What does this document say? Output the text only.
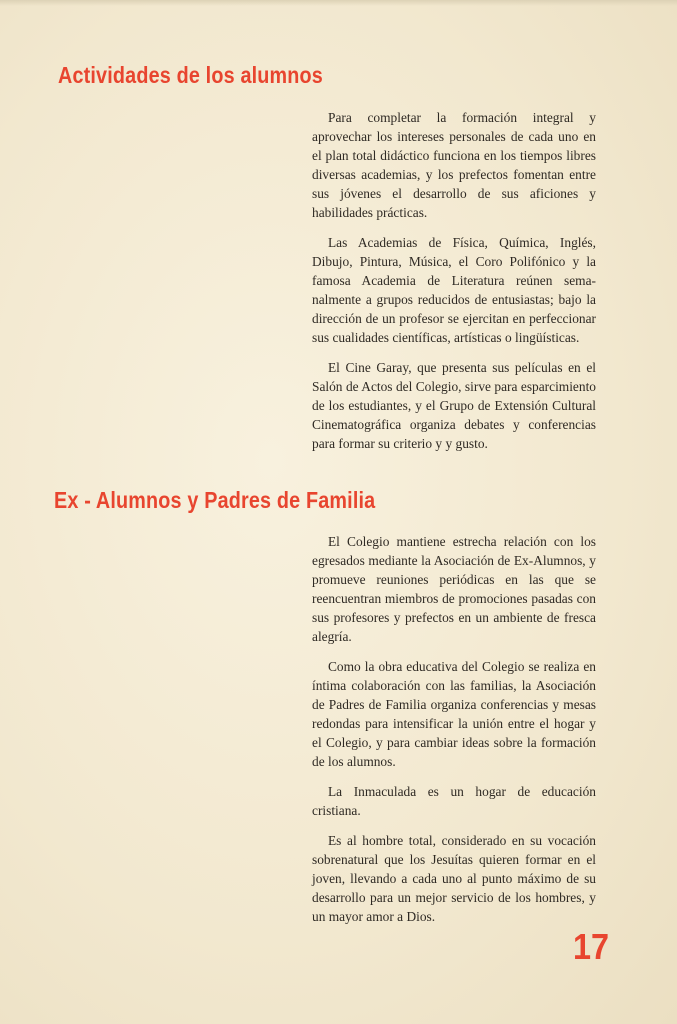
Actividades de los alumnos

Para completar la formación integral y aprovechar los intereses personales de cada uno en el plan total didáctico funciona en los tiempos libres diversas academias, y los prefectos fomentan entre sus jóvenes el desarrollo de sus aficiones y habilidades prácticas.

Las Academias de Física, Química, Inglés, Dibujo, Pintura, Música, el Coro Polifónico y la famosa Academia de Literatura reúnen semanalmente a grupos reducidos de entusiastas; bajo la dirección de un profesor se ejercitan en perfeccionar sus cualidades científicas, artísticas o lingüísticas.

El Cine Garay, que presenta sus películas en el Salón de Actos del Colegio, sirve para esparcimiento de los estudiantes, y el Grupo de Extensión Cultural Cinematográfica organiza debates y conferencias para formar su criterio y y gusto.

Ex - Alumnos y Padres de Familia

El Colegio mantiene estrecha relación con los egresados mediante la Asociación de Ex-Alumnos, y promueve reuniones periódicas en las que se reencuentran miembros de promociones pasadas con sus profesores y prefectos en un ambiente de fresca alegría.

Como la obra educativa del Colegio se realiza en íntima colaboración con las familias, la Asociación de Padres de Familia organiza conferencias y mesas redondas para intensificar la unión entre el hogar y el Colegio, y para cambiar ideas sobre la formación de los alumnos.

La Inmaculada es un hogar de educación cristiana.

Es al hombre total, considerado en su vocación sobrenatural que los Jesuítas quieren formar en el joven, llevando a cada uno al punto máximo de su desarrollo para un mejor servicio de los hombres, y un mayor amor a Dios.

17
